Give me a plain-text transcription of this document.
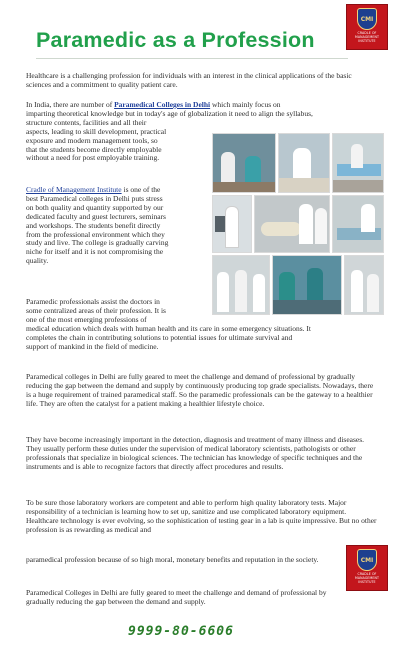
CMI
CRADLE OF MANAGEMENT
INSTITUTE
Paramedic as a Profession

Healthcare is a challenging profession for individuals with an interest in the clinical applications of the basic sciences and a commitment to quality patient care.

In India, there are number of Paramedical Colleges in Delhi which mainly focus on
imparting theoretical knowledge but in today's age of globalization it need to align the syllabus,
structure contents, facilities and all their
aspects, leading to skill development, practical
exposure and modern management tools, so
that the students become directly employable
without a need for post employable training.
Cradle of Management Institute is one of the
best Paramedical colleges in Delhi puts stress
on both quality and quantity supported by our
dedicated faculty and guest lecturers, seminars
and workshops. The students benefit directly
from the professional environment which they
study and live. The college is gradually carving
niche for itself and it is not compromising the
quality.
Paramedic professionals assist the doctors in
some centralized areas of their profession. It is
one of the most emerging professions of
medical education which deals with human health and its care in some emergency situations. It
completes the chain in contributing solutions to potential issues for ultimate survival and
support of mankind in the field of medicine.

Paramedical colleges in Delhi are fully geared to meet the challenge and demand of professional by gradually reducing the gap between the demand and supply by continuously producing top grade specialists. Nowadays, there is a huge requirement of trained paramedical staff. So the paramedic professionals can be the gateway to a healthier life. They are often the catalyst for a patient making a healthier lifestyle choice.

They have become increasingly important in the detection, diagnosis and treatment of many illness and diseases. They usually perform these duties under the supervision of medical laboratory scientists, pathologists or other professionals that specialize in biological sciences. The technician has knowledge of specific techniques and the instruments and is able to recognize factors that directly affect procedures and results.

To be sure those laboratory workers are competent and able to perform high quality laboratory tests. Major responsibility of a technician is learning how to set up, sanitize and use complicated laboratory equipment. Healthcare technology is ever evolving, so the sophistication of testing gear in a lab is quite impressive. But no other profession is as rewarding as medical and

paramedical profession because of so high moral, monetary benefits and reputation in the society.	CMI
CRADLE OF MANAGEMENT
INSTITUTE

Paramedical Colleges in Delhi are fully geared to meet the challenge and demand of professional by gradually reducing the gap between the demand and supply.

9999-80-6606
